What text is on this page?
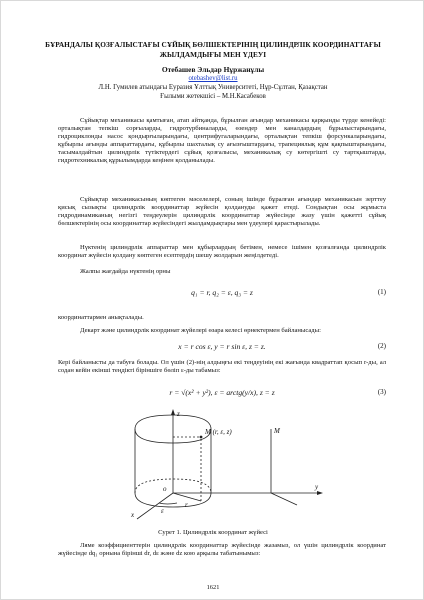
БҰРАНДАЛЫ ҚОЗҒАЛЫСТАҒЫ СҰЙЫҚ БӨЛШЕКТЕРІНІҢ ЦИЛИНДРЛІК КООРДИНАТТАҒЫ ЖЫЛДАМДЫҒЫ МЕН ҮДЕУІ
Отебашев Эльдар Нұржанұлы
otebashev@list.ru
Л.Н. Гумилев атындағы Еуразия Ұлттық Университеті, Нұр-Сұлтан, Қазақстан
Ғылыми жетекшісі – М.Н.Касабеков

Сұйықтар механикасы қамтыған, атап айтқанда, бұрылған ағындар механикасы қарқынды түрде кенейеді: орталықтан тепкіш сорғыларды, гидротурбиналарды, өзендер мен каналдардың бұрылыстарындағы, гидроциклонды насос қондырғыларындағы, центрифугаларындағы, орталықтан тепкіш форсункаларындағы, құбырлы ағынды аппараттардағы, құбырлы шахталық су ағызғыштардағы, трапециялық құм қақпыштарындағы, тасымалдайтын цилиндрлік түтіктердегі сұйық қозғалысы, механикалық су көтергішті су тартқыштарда, гидротехникалық құрылымдарда кеңінен қолданылады.

Сұйықтар механикасының көптеген мәселелері, соның ішінде бұралған ағындар механикасын зерттеу қисық сызықты цилиндрлік координаттар жүйесін қолдануды қажет етеді. Сондықтан осы жұмыста гидродинамиканың негізгі теңдеулерін цилиндрлік координаттар жүйесінде жазу үшін қажетті сұйық бөлшектерінің осы координаттар жүйесіндегі жылдамдықтары мен үдеулері қарастырылады.

Нүктенің цилиндрлік аппараттар мен құбырлардың бетімен, немесе ішімен қозғалғанда цилиндрлік координат жүйесін қолдану көптеген есептердің шешу жолдарын жеңілдетеді.

Жалпы жағдайда нүктенің орны

q₁ = r, q₂ = ε, q₃ = z	(1)

координаттармен анықталады.

Декарт және цилиндрлік координат жүйелері өзара келесі өрнектермен байланысады:

x = r cos ε, y = r sin ε, z = z.	(2)

Кері байланысты да табуға болады. Ол үшін (2)-нің алдыңғы екі теңдеуінің екі жағында квадраттап қосып r-ды, ал содан кейін екінші теңдікті біріншіге бөліп ε-ды табамыз:

r = √(x² + y²), ε = arctg(y/x), z = z	(3)
z
o	y
x
M (r, ε, z)	M
r
ε
Сурет 1. Цилиндрлік координат жүйесі

Ляме коэффициенттерін цилиндрлік координаттар жүйесінде жазамыз, ол үшін цилиндрлік координат жүйесінде dq₁ орнына бірінші dr, dε және dz кою арқылы табатынымыз:

1621
